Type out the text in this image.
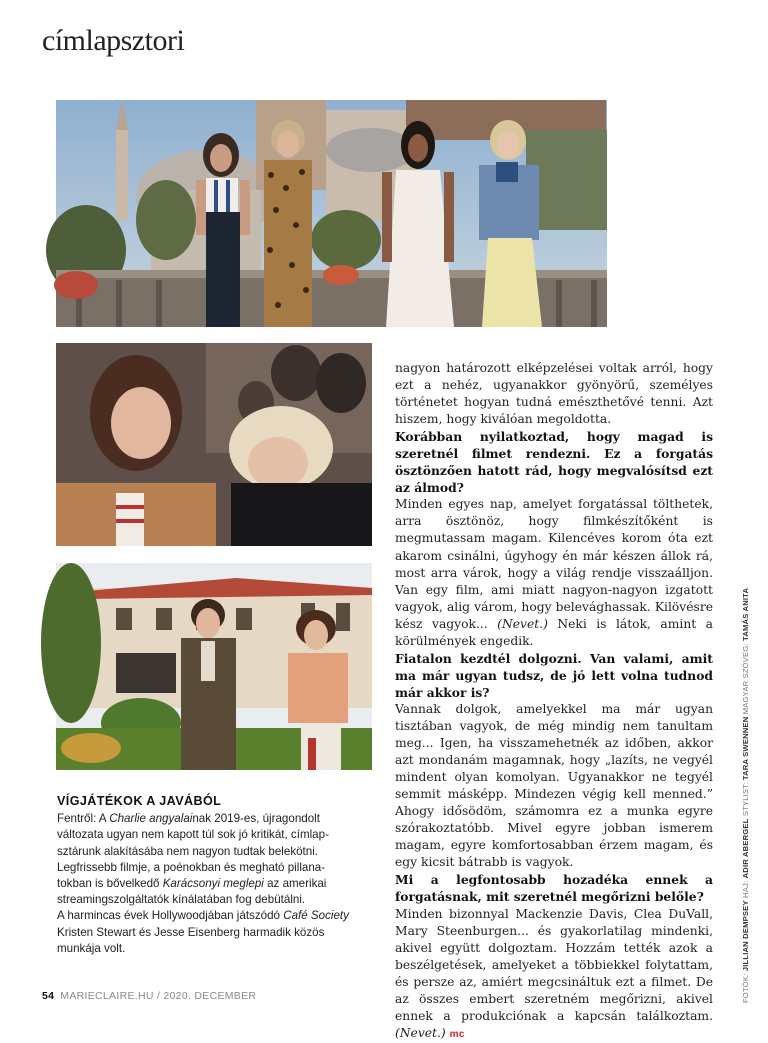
címlapsztori
VÍGJÁTÉKOK A JAVÁBÓL

Fentről: A Charlie angyalainak 2019-es, újragondolt
változata ugyan nem kapott túl sok jó kritikát, címlap-
sztárunk alakításába nem nagyon tudtak belekötni.
Legfrissebb filmje, a poénokban és megható pillana-
tokban is bővelkedő Karácsonyi meglepi az amerikai
streamingszolgáltatók kínálatában fog debütálni.
A harmincas évek Hollywoodjában játszódó Café Society
Kristen Stewart és Jesse Eisenberg harmadik közös
munkája volt.

nagyon határozott elképzelései voltak arról, hogy ezt a nehéz, ugyanakkor gyönyörű, személyes történetet hogyan tudná emészthetővé tenni. Azt hiszem, hogy kiválóan megoldotta.

Korábban nyilatkoztad, hogy magad is szeretnél filmet rendezni. Ez a forgatás ösztönzően hatott rád, hogy megvalósítsd ezt az álmod?

Minden egyes nap, amelyet forgatással tölthetek, arra ösztönöz, hogy filmkészítőként is megmutassam magam. Kilencéves korom óta ezt akarom csinálni, úgyhogy én már készen állok rá, most arra várok, hogy a világ rendje visszaálljon. Van egy film, ami miatt nagyon-nagyon izgatott vagyok, alig várom, hogy belevághassak. Kilövésre kész vagyok... (Nevet.) Neki is látok, amint a körülmények engedik.

Fiatalon kezdtél dolgozni. Van valami, amit ma már ugyan tudsz, de jó lett volna tudnod már akkor is?

Vannak dolgok, amelyekkel ma már ugyan tisztában vagyok, de még mindig nem tanultam meg... Igen, ha visszamehetnék az időben, akkor azt mondanám magamnak, hogy „lazíts, ne vegyél mindent olyan komolyan. Ugyanakkor ne tegyél semmit másképp. Mindezen végig kell menned.” Ahogy idősödöm, számomra ez a munka egyre szórakoztatóbb. Mivel egyre jobban ismerem magam, egyre komfortosabban érzem magam, és egy kicsit bátrabb is vagyok.

Mi a legfontosabb hozadéka ennek a forgatásnak, mit szeretnél megőrizni belőle?

Minden bizonnyal Mackenzie Davis, Clea DuVall, Mary Steenburgen... és gyakorlatilag mindenki, akivel együtt dolgoztam. Hozzám tették azok a beszélgetések, amelyeket a többiekkel folytattam, és persze az, amiért megcsináltuk ezt a filmet. De az összes embert szeretném megőrizni, akivel ennek a produkciónak a kapcsán találkoztam. (Nevet.) mc

FOTÓK: JILLIAN DEMPSEY HAJ: ADIR ABERGEL STYLIST: TARA SWENNEN MAGYAR SZÖVEG: TAMÁS ANITA
54 MARIECLAIRE.HU / 2020. DECEMBER
